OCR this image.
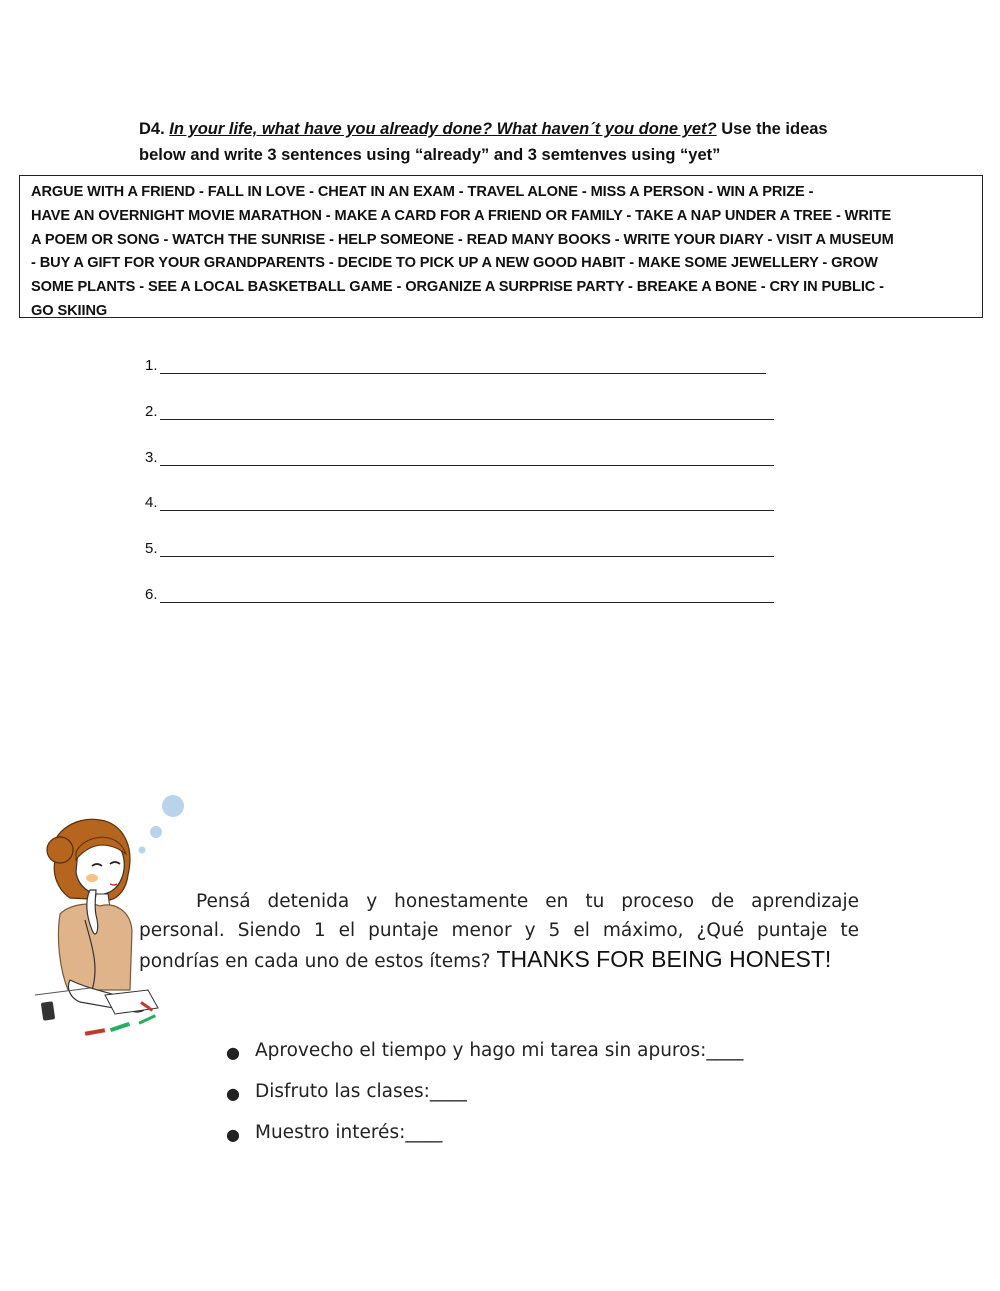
D4. In your life, what have you already done? What haven´t you done yet? Use the ideas
below and write 3 sentences using “already” and 3 semtenves using “yet”
ARGUE WITH A FRIEND - FALL IN LOVE - CHEAT IN AN EXAM - TRAVEL ALONE - MISS A PERSON - WIN A PRIZE -
HAVE AN OVERNIGHT MOVIE MARATHON - MAKE A CARD FOR A FRIEND OR FAMILY - TAKE A NAP UNDER A TREE - WRITE
A POEM OR SONG - WATCH THE SUNRISE - HELP SOMEONE - READ MANY BOOKS - WRITE YOUR DIARY - VISIT A MUSEUM
- BUY A GIFT FOR YOUR GRANDPARENTS - DECIDE TO PICK UP A NEW GOOD HABIT - MAKE SOME JEWELLERY - GROW
SOME PLANTS - SEE A LOCAL BASKETBALL GAME - ORGANIZE A SURPRISE PARTY - BREAKE A BONE - CRY IN PUBLIC -
GO SKIING
1.
2.
3.
4.
5.
6.
Pensá detenida y honestamente en tu proceso de aprendizaje personal. Siendo 1 el puntaje menor y 5 el máximo, ¿Qué puntaje te pondrías en cada uno de estos ítems? THANKS FOR BEING HONEST!
● Aprovecho el tiempo y hago mi tarea sin apuros:____
● Disfruto las clases:____
● Muestro interés:____
